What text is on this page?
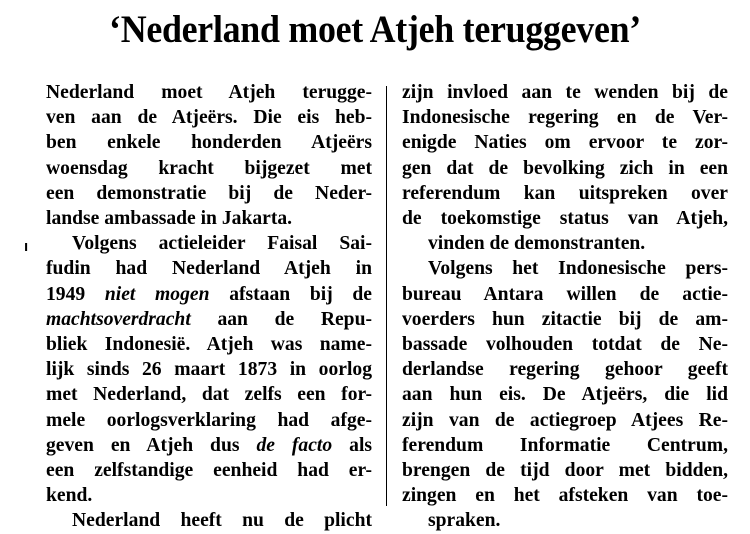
‘Nederland moet Atjeh teruggeven’
ı

Nederland moet Atjeh terugge-
ven aan de Atjeërs. Die eis heb-
ben enkele honderden Atjeërs
woensdag kracht bijgezet met
een demonstratie bij de Neder-
landse ambassade in Jakarta.

Volgens actieleider Faisal Sai-
fudin had Nederland Atjeh in
1949 niet mogen afstaan bij de
machtsoverdracht aan de Repu-
bliek Indonesië. Atjeh was name-
lijk sinds 26 maart 1873 in oorlog
met Nederland, dat zelfs een for-
mele oorlogsverklaring had afge-
geven en Atjeh dus de facto als
een zelfstandige eenheid had er-
kend.

Nederland heeft nu de plicht

zijn invloed aan te wenden bij de
Indonesische regering en de Ver-
enigde Naties om ervoor te zor-
gen dat de bevolking zich in een
referendum kan uitspreken over
de toekomstige status van Atjeh,
vinden de demonstranten.

Volgens het Indonesische pers-
bureau Antara willen de actie-
voerders hun zitactie bij de am-
bassade volhouden totdat de Ne-
derlandse regering gehoor geeft
aan hun eis. De Atjeërs, die lid
zijn van de actiegroep Atjees Re-
ferendum Informatie Centrum,
brengen de tijd door met bidden,
zingen en het afsteken van toe-
spraken.
